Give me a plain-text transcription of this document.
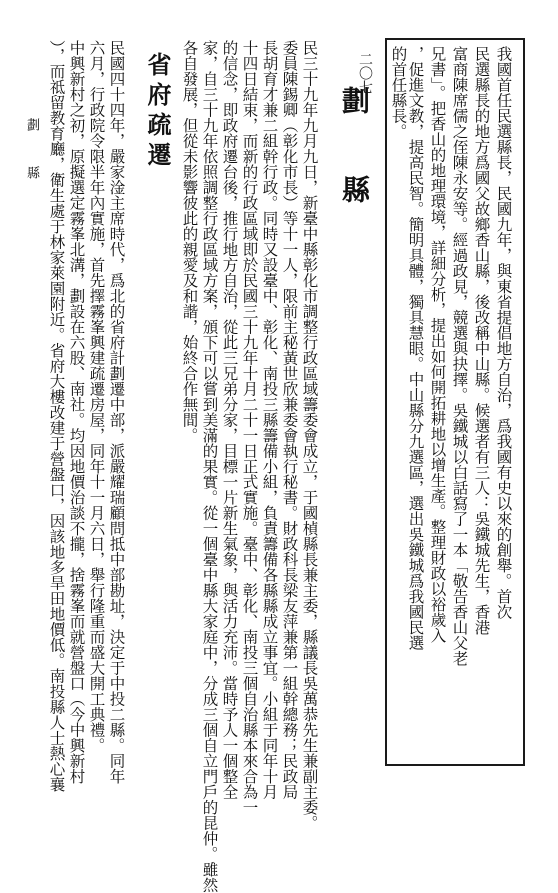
我國首任民選縣長，民國九年，與東省提倡地方自治，爲我國有史以來的創舉。首次
民選縣長的地方爲國父故鄉香山縣，後改稱中山縣。候選者有三人：吳鐵城先生，香港
富商陳席儒之侄陳永安等。經過政見，競選與抉擇。吳鐵城以白話寫了一本「敬告香山父老
兄書」。把香山的地理環境，詳細分析，提出如何開拓耕地以增生產。整理財政以裕歲入
，促進文教，提高民智。簡明具體，獨具慧眼。中山縣分九選區，選出吳鐵城爲我國民選
的首任縣長。
劃 縣
民三十九年九月九日，新臺中縣彰化市調整行政區域籌委會成立，于國楨縣長兼主委，縣議長吳萬恭先生兼副主委。
委員陳錫卿（彰化市長）等十一人，限前主秘黃世欣兼委會執行秘書。財政科長梁友萍兼第一組幹總務；民政局
長胡育才兼二組幹行政。同時又設臺中、彰化、南投三縣籌備小組，負責籌備各縣縣成立事宜。小組于同年十月
十四日結束，而新的行政區域即於民國三十九年十月二十一日正式實施。臺中、彰化、南投三個自治縣本來合為一
的信念，即政府遷台後，推行地方自治，從此三兄弟分家，目標一片新生氣象，與活力充沛。當時予人一個整全
家，自三十九年依照調整行政區域方案，頒下可以嘗到美滿的果實。從一個臺中縣大家庭中，分成三個自立門戶的昆仲。雖然
各自發展，但從未影響彼此的親愛及和諧，始終合作無間。
省府疏遷
民國四十四年，嚴家淦主席時代，爲北的省府計劃遷中部，派嚴耀瑞顧問抵中部勘址，決定于中投二縣。同年
六月，行政院令限半年內實施，首先擇霧峯興建疏遷房屋，同年十一月六日，舉行隆重而盛大開工典禮。
中興新村之初，原擬選定霧峯北溝，劃設在六股、南社。均因地價治談不攏，捨霧峯而就營盤口（今中興新村
），而祗留教育廳，衛生處于林家萊園附近。省府大樓改建于營盤口，因該地多旱田地價低。南投縣人士熱心襄
劃 縣
二〇七
